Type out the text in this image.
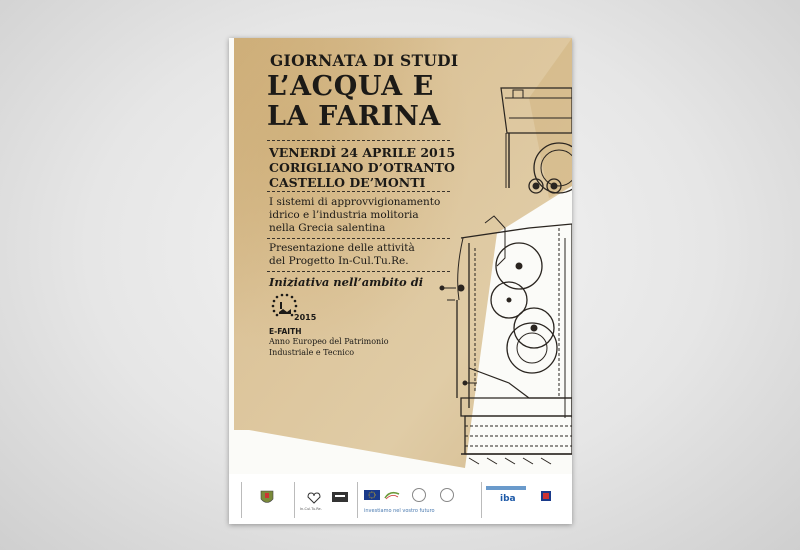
GIORNATA DI STUDI

L’ACQUA E

LA FARINA

VENERDÌ 24 APRILE 2015

CORIGLIANO D’OTRANTO

CASTELLO DE’MONTI

I sistemi di approvvigionamento

idrico e l’industria molitoria

nella Grecia salentina

Presentazione delle attività

del Progetto In-Cul.Tu.Re.

Iniziativa nell’ambito di

2015

E-FAITH

Anno Europeo del Patrimonio

Industriale e Tecnico

In-Cul.Tu.Re.	investiamo nel vostro futuro
iba
